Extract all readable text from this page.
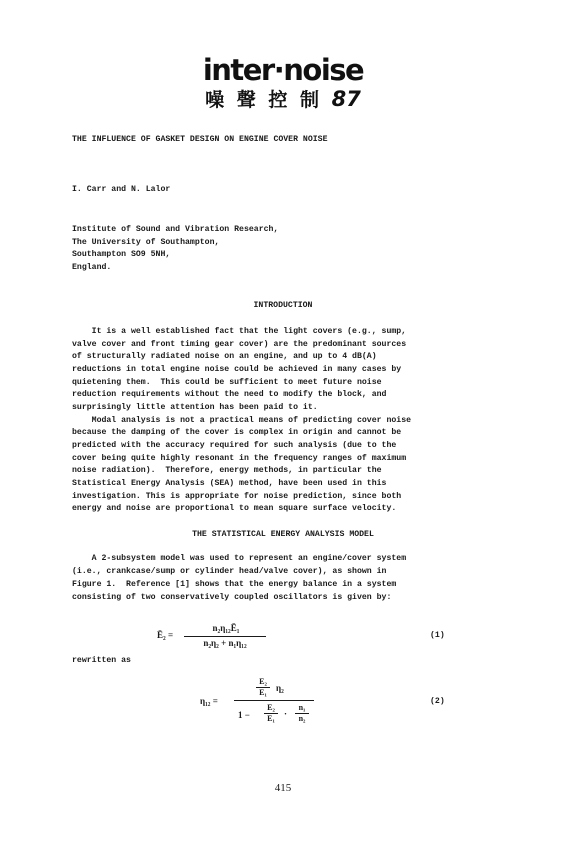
inter·noise
噪 聲 控 制 87
THE INFLUENCE OF GASKET DESIGN ON ENGINE COVER NOISE
I. Carr and N. Lalor
Institute of Sound and Vibration Research,
The University of Southampton,
Southampton SO9 5NH,
England.
INTRODUCTION
It is a well established fact that the light covers (e.g., sump,
valve cover and front timing gear cover) are the predominant sources
of structurally radiated noise on an engine, and up to 4 dB(A)
reductions in total engine noise could be achieved in many cases by
quietening them.  This could be sufficient to meet future noise
reduction requirements without the need to modify the block, and
surprisingly little attention has been paid to it.
Modal analysis is not a practical means of predicting cover noise
because the damping of the cover is complex in origin and cannot be
predicted with the accuracy required for such analysis (due to the
cover being quite highly resonant in the frequency ranges of maximum
noise radiation).  Therefore, energy methods, in particular the
Statistical Energy Analysis (SEA) method, have been used in this
investigation. This is appropriate for noise prediction, since both
energy and noise are proportional to mean square surface velocity.
THE STATISTICAL ENERGY ANALYSIS MODEL
A 2-subsystem model was used to represent an engine/cover system
(i.e., crankcase/sump or cylinder head/valve cover), as shown in
Figure 1.  Reference [1] shows that the energy balance in a system
consisting of two conservatively coupled oscillators is given by:
Ē₂ =
n₂η₁₂Ē₁
n₂η₂ + n₁η₁₂
(1)
rewritten as
η₁₂ =
E₂
E₁	η₂
1 −
E₂
E₁	·
n₁
n₂
(2)
415
